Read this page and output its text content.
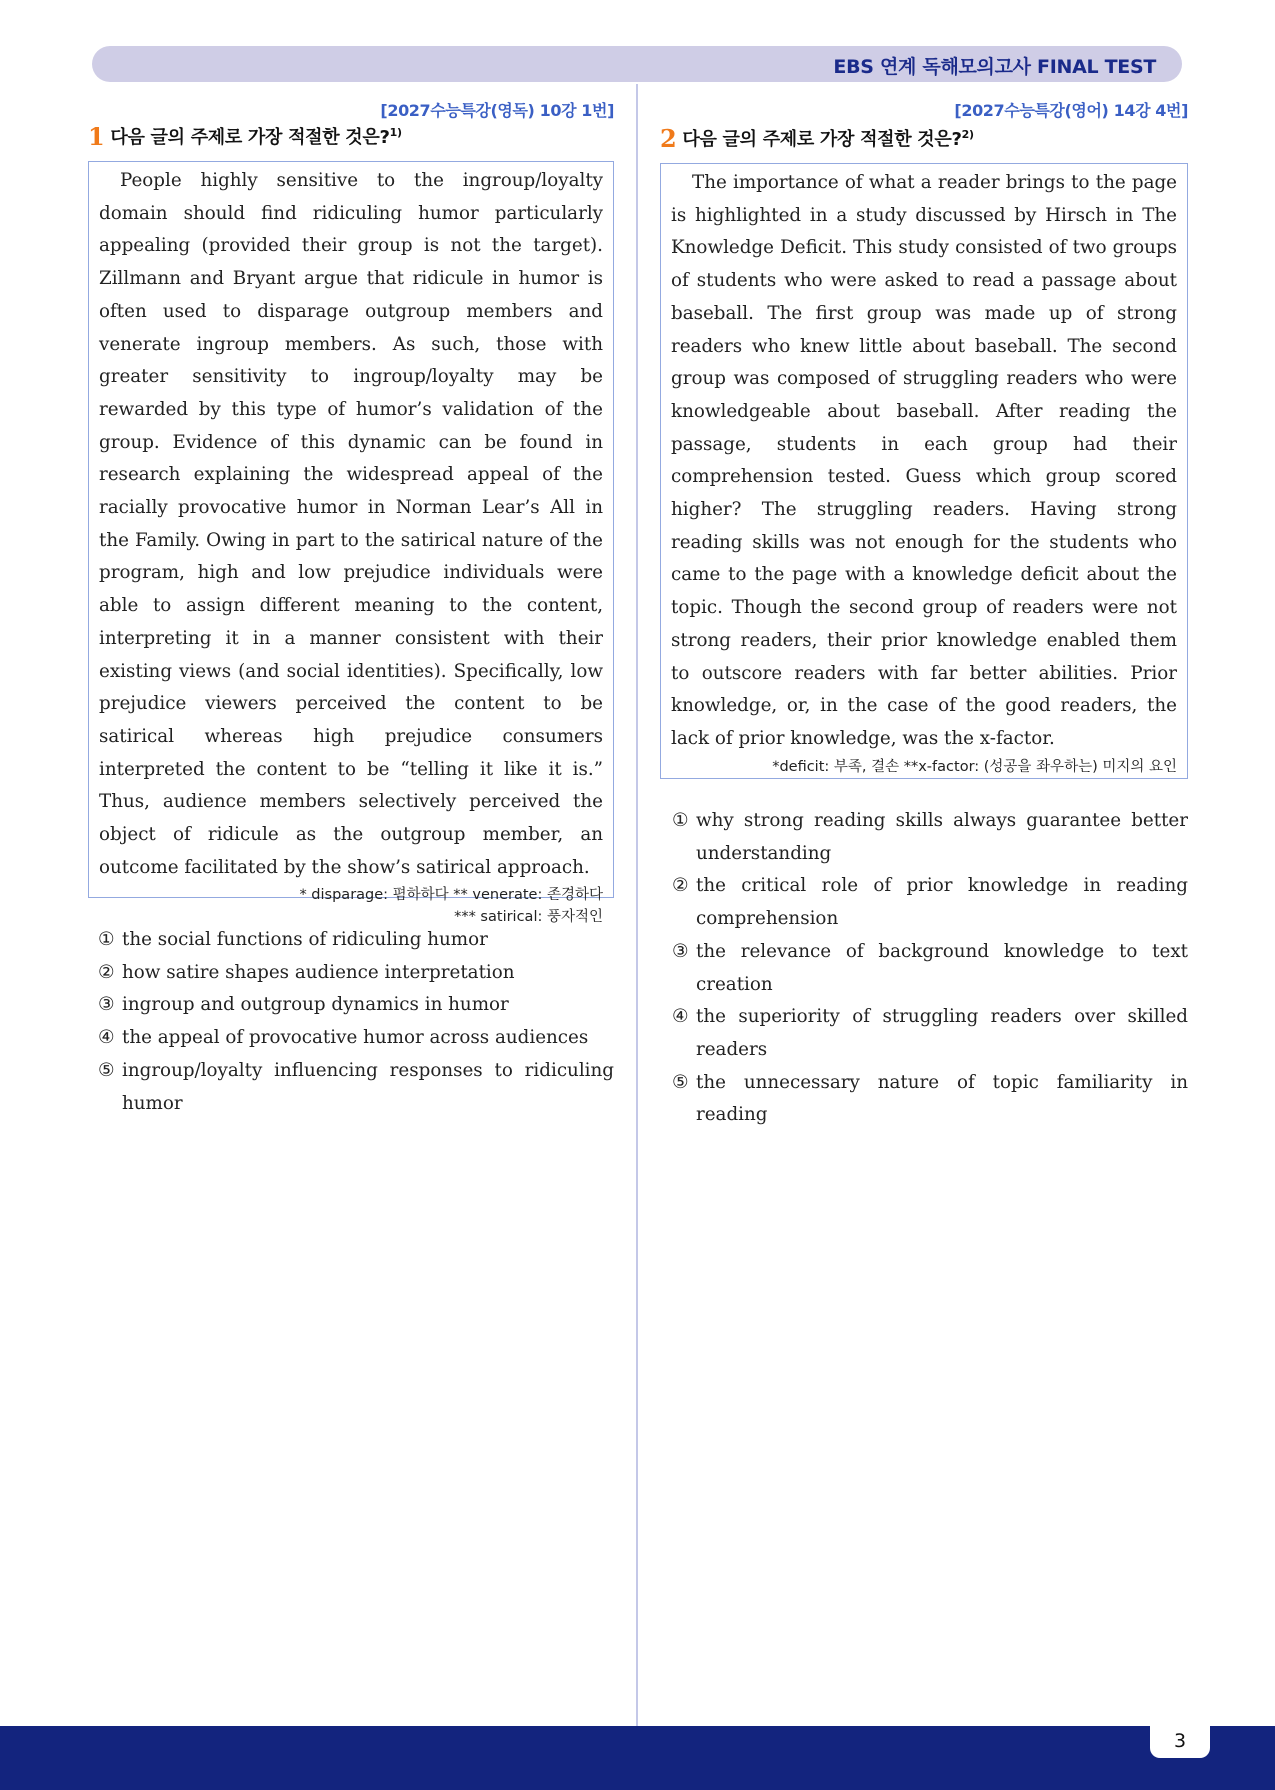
EBS 연계 독해모의고사 FINAL TEST
[2027수능특강(영독) 10강 1번]
1 다음 글의 주제로 가장 적절한 것은?$^{1)}$

People highly sensitive to the ingroup/loyalty domain should find ridiculing humor particularly appealing (provided their group is not the target). Zillmann and Bryant argue that ridicule in humor is often used to disparage outgroup members and venerate ingroup members. As such, those with greater sensitivity to ingroup/loyalty may be rewarded by this type of humor’s validation of the group. Evidence of this dynamic can be found in research explaining the widespread appeal of the racially provocative humor in Norman Lear’s All in the Family. Owing in part to the satirical nature of the program, high and low prejudice individuals were able to assign different meaning to the content, interpreting it in a manner consistent with their existing views (and social identities). Specifically, low prejudice viewers perceived the content to be satirical whereas high prejudice consumers interpreted the content to be “telling it like it is.” Thus, audience members selectively perceived the object of ridicule as the outgroup member, an outcome facilitated by the show’s satirical approach.

* disparage: 폄하하다 ** venerate: 존경하다
*** satirical: 풍자적인
① the social functions of ridiculing humor
② how satire shapes audience interpretation
③ ingroup and outgroup dynamics in humor
④ the appeal of provocative humor across audiences
⑤ ingroup/loyalty influencing responses to ridiculing humor
[2027수능특강(영어) 14강 4번]
2 다음 글의 주제로 가장 적절한 것은?$^{2)}$

The importance of what a reader brings to the page is highlighted in a study discussed by Hirsch in The Knowledge Deficit. This study consisted of two groups of students who were asked to read a passage about baseball. The first group was made up of strong readers who knew little about baseball. The second group was composed of struggling readers who were knowledgeable about baseball. After reading the passage, students in each group had their comprehension tested. Guess which group scored higher? The struggling readers. Having strong reading skills was not enough for the students who came to the page with a knowledge deficit about the topic. Though the second group of readers were not strong readers, their prior knowledge enabled them to outscore readers with far better abilities. Prior knowledge, or, in the case of the good readers, the lack of prior knowledge, was the x-factor.

*deficit: 부족, 결손 **x-factor: (성공을 좌우하는) 미지의 요인
① why strong reading skills always guarantee better understanding
② the critical role of prior knowledge in reading comprehension
③ the relevance of background knowledge to text creation
④ the superiority of struggling readers over skilled readers
⑤ the unnecessary nature of topic familiarity in reading
3
